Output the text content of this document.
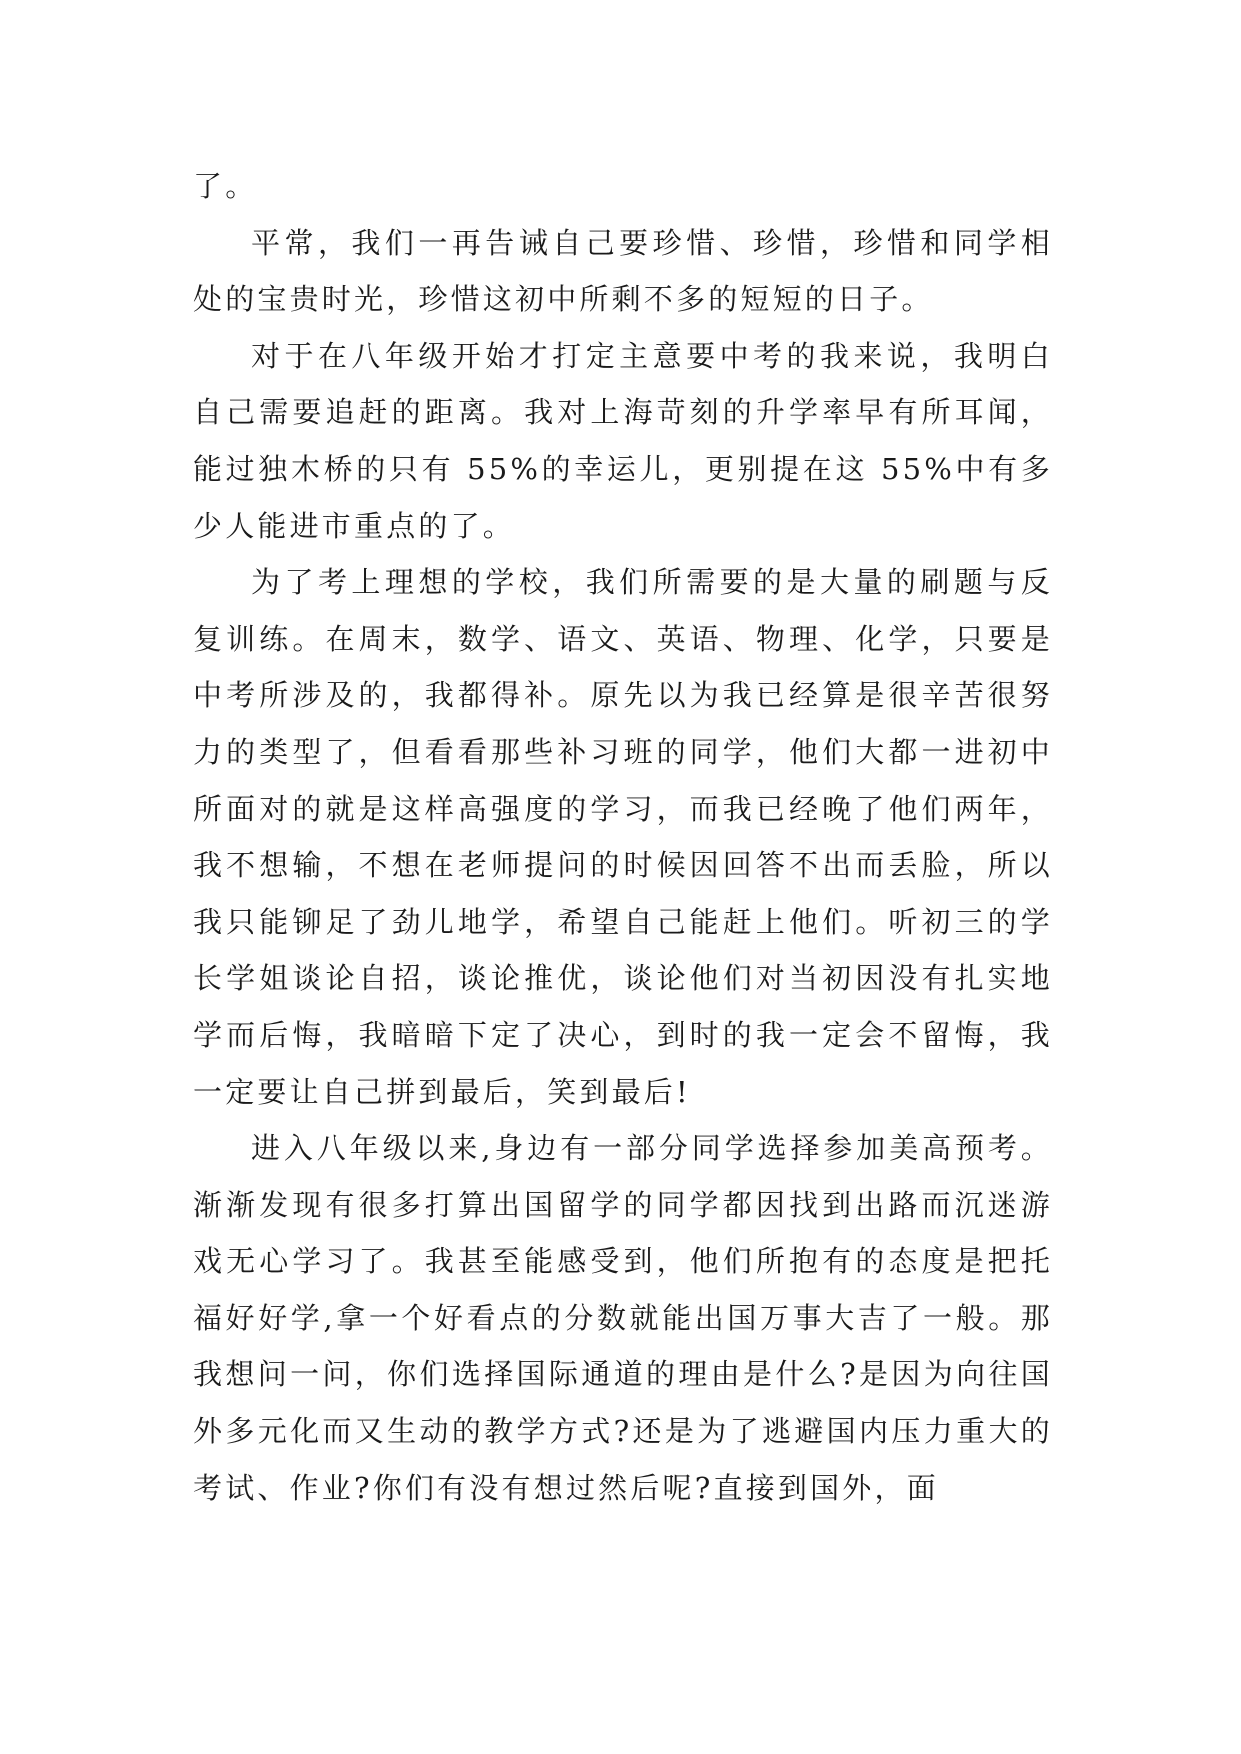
了。

平常，我们一再告诫自己要珍惜、珍惜，珍惜和同学相处的宝贵时光，珍惜这初中所剩不多的短短的日子。

对于在八年级开始才打定主意要中考的我来说，我明白自己需要追赶的距离。我对上海苛刻的升学率早有所耳闻，能过独木桥的只有 55%的幸运儿，更别提在这 55%中有多少人能进市重点的了。

为了考上理想的学校，我们所需要的是大量的刷题与反复训练。在周末，数学、语文、英语、物理、化学，只要是中考所涉及的，我都得补。原先以为我已经算是很辛苦很努力的类型了，但看看那些补习班的同学，他们大都一进初中所面对的就是这样高强度的学习，而我已经晚了他们两年，我不想输，不想在老师提问的时候因回答不出而丢脸，所以我只能铆足了劲儿地学，希望自己能赶上他们。听初三的学长学姐谈论自招，谈论推优，谈论他们对当初因没有扎实地学而后悔，我暗暗下定了决心，到时的我一定会不留悔，我一定要让自己拼到最后，笑到最后!

进入八年级以来,身边有一部分同学选择参加美高预考。渐渐发现有很多打算出国留学的同学都因找到出路而沉迷游戏无心学习了。我甚至能感受到，他们所抱有的态度是把托福好好学,拿一个好看点的分数就能出国万事大吉了一般。那我想问一问，你们选择国际通道的理由是什么?是因为向往国外多元化而又生动的教学方式?还是为了逃避国内压力重大的考试、作业?你们有没有想过然后呢?直接到国外，面
